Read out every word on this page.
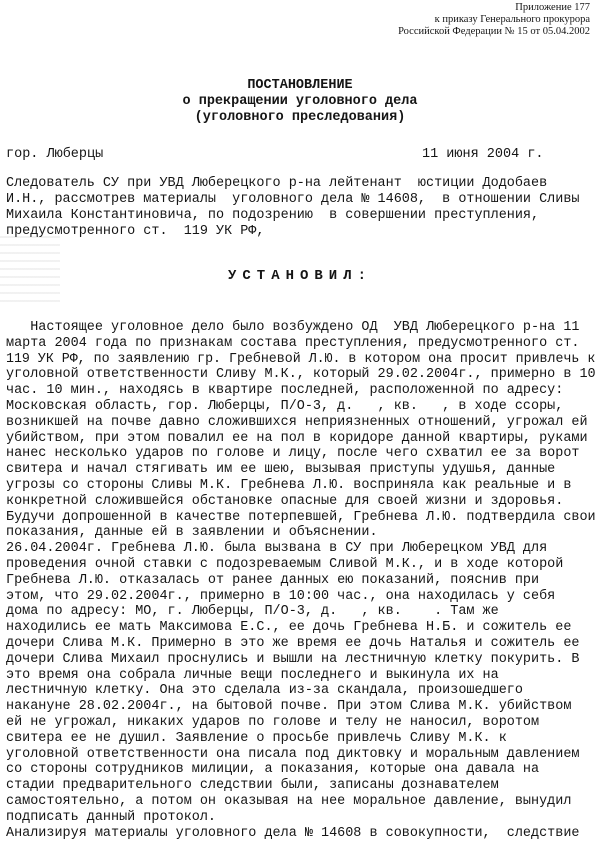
Приложение 177
к приказу Генерального прокурора
Российской Федерации № 15 от 05.04.2002
ПОСТАНОВЛЕНИЕ
о прекращении уголовного дела
(уголовного преследования)
гор. Люберцы	11 июня 2004 г.
Следователь СУ при УВД Люберецкого р-на лейтенант  юстиции Додобаев
И.Н., рассмотрев материалы  уголовного дела № 14608,  в отношении Сливы
Михаила Константиновича, по подозрению  в совершении преступления,
предусмотренного ст.  119 УК РФ,
УСТАНОВИЛ:
Настоящее уголовное дело было возбуждено ОД  УВД Люберецкого р-на 11
марта 2004 года по признакам состава преступления, предусмотренного ст.
119 УК РФ, по заявлению гр. Гребневой Л.Ю. в котором она просит привлечь к
уголовной ответственности Сливу М.К., который 29.02.2004г., примерно в 10
час. 10 мин., находясь в квартире последней, расположенной по адресу:
Московская область, гор. Люберцы, П/О-3, д.   , кв.   , в ходе ссоры,
возникшей на почве давно сложившихся неприязненных отношений, угрожал ей
убийством, при этом повалил ее на пол в коридоре данной квартиры, руками
нанес несколько ударов по голове и лицу, после чего схватил ее за ворот
свитера и начал стягивать им ее шею, вызывая приступы удушья, данные
угрозы со стороны Сливы М.К. Гребнева Л.Ю. восприняла как реальные и в
конкретной сложившейся обстановке опасные для своей жизни и здоровья.
Будучи допрошенной в качестве потерпевшей, Гребнева Л.Ю. подтвердила свои
показания, данные ей в заявлении и объяснении.
26.04.2004г. Гребнева Л.Ю. была вызвана в СУ при Люберецком УВД для
проведения очной ставки с подозреваемым Сливой М.К., и в ходе которой
Гребнева Л.Ю. отказалась от ранее данных ею показаний, пояснив при
этом, что 29.02.2004г., примерно в 10:00 час., она находилась у себя
дома по адресу: МО, г. Люберцы, П/О-3, д.   , кв.    . Там же
находились ее мать Максимова Е.С., ее дочь Гребнева Н.Б. и сожитель ее
дочери Слива М.К. Примерно в это же время ее дочь Наталья и сожитель ее
дочери Слива Михаил проснулись и вышли на лестничную клетку покурить. В
это время она собрала личные вещи последнего и выкинула их на
лестничную клетку. Она это сделала из-за скандала, произошедшего
накануне 28.02.2004г., на бытовой почве. При этом Слива М.К. убийством
ей не угрожал, никаких ударов по голове и телу не наносил, воротом
свитера ее не душил. Заявление о просьбе привлечь Сливу М.К. к
уголовной ответственности она писала под диктовку и моральным давлением
со стороны сотрудников милиции, а показания, которые она давала на
стадии предварительного следствии были, записаны дознавателем
самостоятельно, а потом он оказывая на нее моральное давление, вынудил
подписать данный протокол.
Анализируя материалы уголовного дела № 14608 в совокупности,  следствие
